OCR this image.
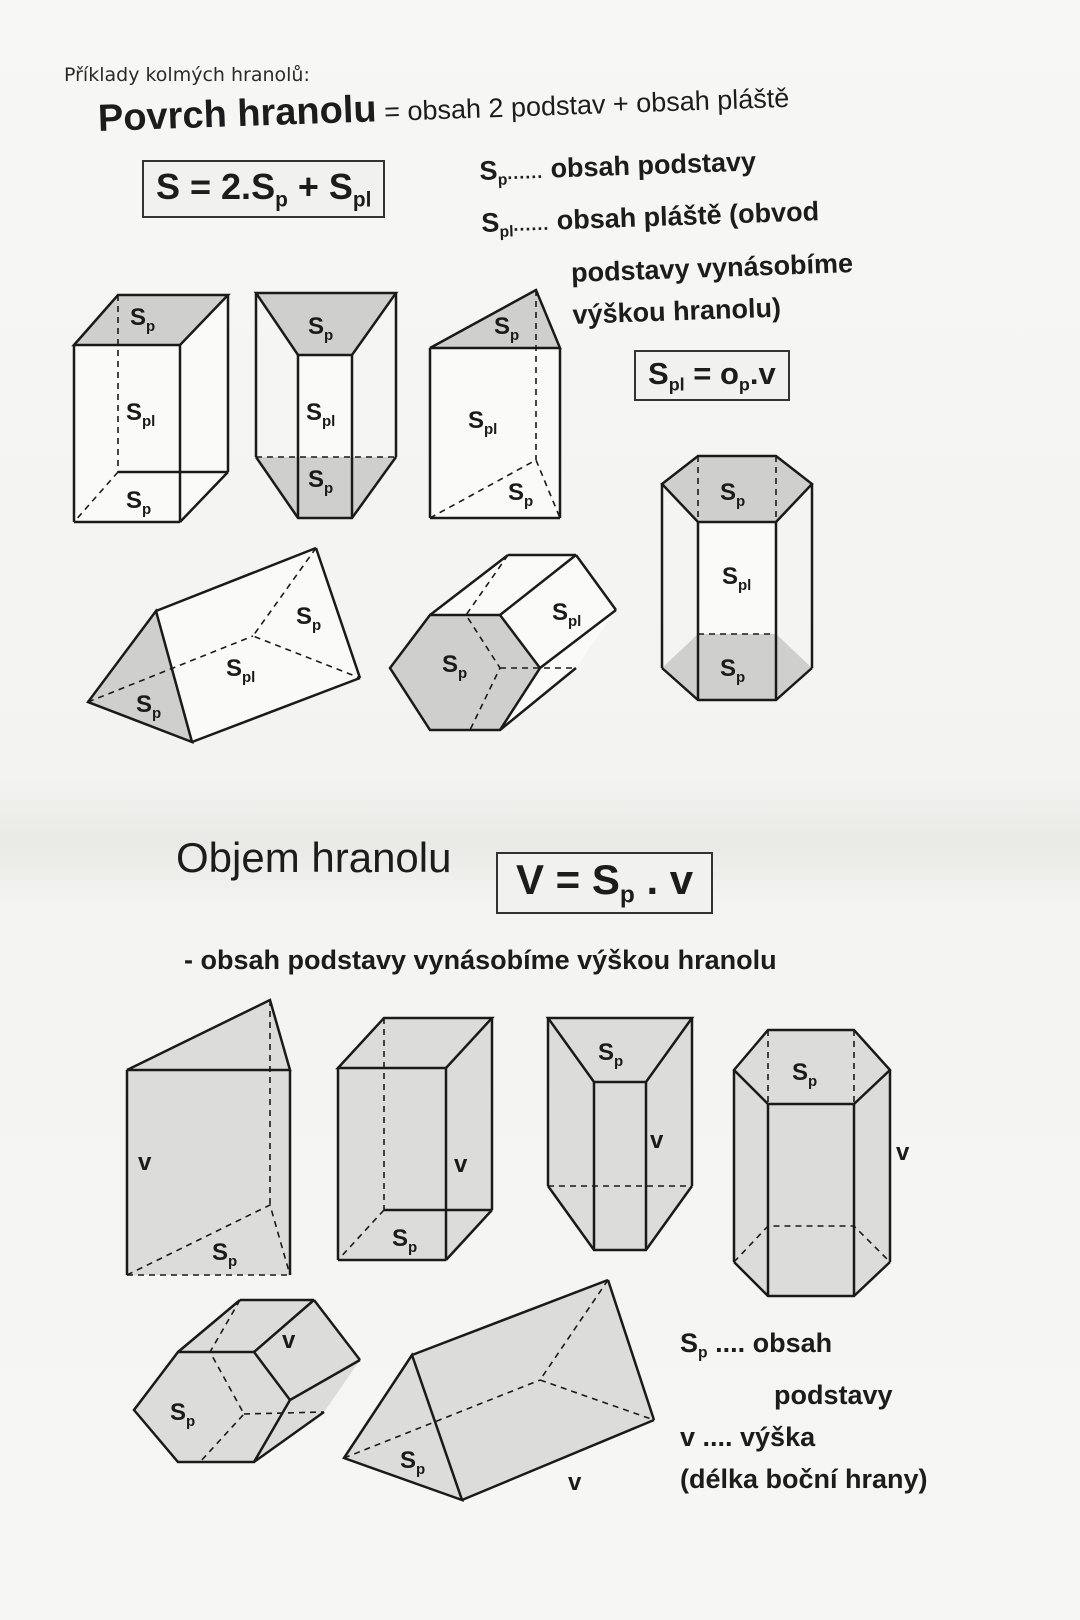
Příklady kolmých hranolů:
Povrch hranolu = obsah 2 podstav + obsah pláště
$S = 2.S_p + S_{pl}$
$S_p$...... obsah podstavy
$S_{pl}$...... obsah pláště (obvod
podstavy vynásobíme
výškou hranolu)
$S_{pl} = o_p.v$
Objem hranolu	$V = S_p$ . v
- obsah podstavy vynásobíme výškou hranolu
$S_p$ .... obsah
podstavy
v .... výška
(délka boční hrany)
$S_p$
$S_{pl}$
$S_p$
$S_p$
$S_{pl}$
$S_p$
$S_p$
$S_{pl}$
$S_p$
$S_p$
$S_{pl}$
$S_p$
$S_{pl}$
$S_p$
$S_p$
$S_{pl}$
$S_p$
v
$S_p$
v
$S_p$
$S_p$
v
$S_p$
v
v
$S_p$
$S_p$	v
